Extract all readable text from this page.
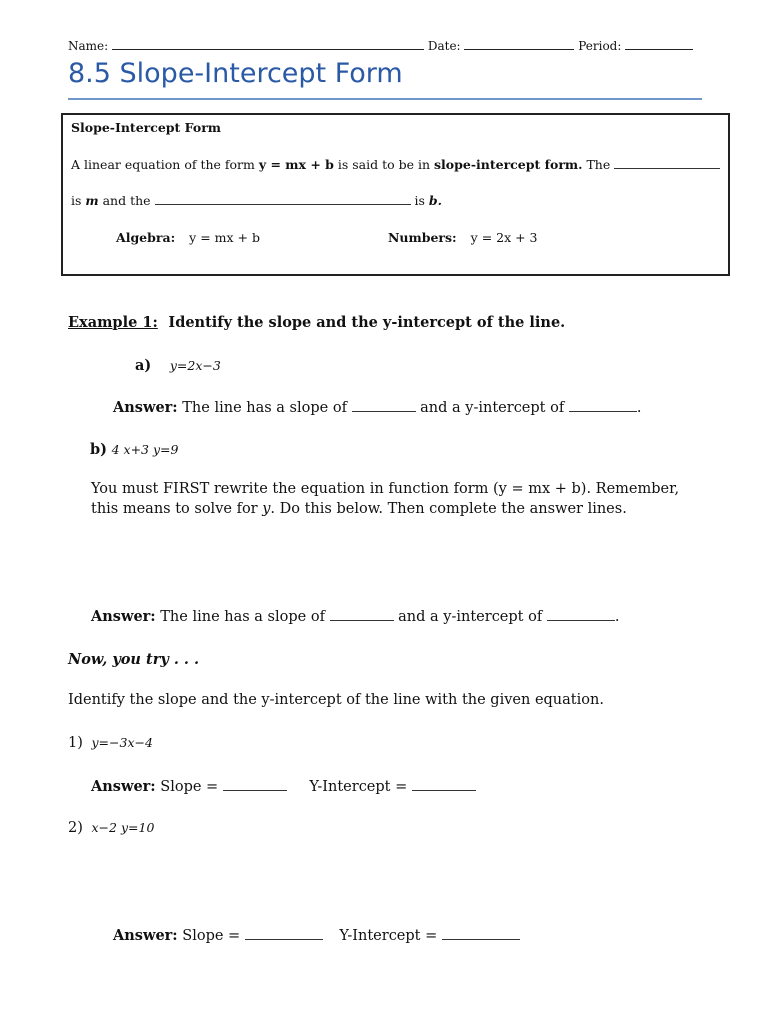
Name:	Date:	Period:
8.5 Slope-Intercept Form
Slope-Intercept Form
A linear equation of the form y = mx + b is said to be in slope-intercept form. The
is m and the	is b.
Algebra: y = mx + b	Numbers: y = 2x + 3
Example 1: Identify the slope and the y-intercept of the line.
a) y=2x−3
Answer: The line has a slope of	and a y-intercept of	.
b) 4 x+3 y=9
You must FIRST rewrite the equation in function form (y = mx + b). Remember,
this means to solve for y. Do this below. Then complete the answer lines.
Answer: The line has a slope of	and a y-intercept of	.
Now, you try . . .
Identify the slope and the y-intercept of the line with the given equation.
1) y=−3x−4
Answer: Slope =	Y-Intercept =
2) x−2 y=10
Answer: Slope =	Y-Intercept =
